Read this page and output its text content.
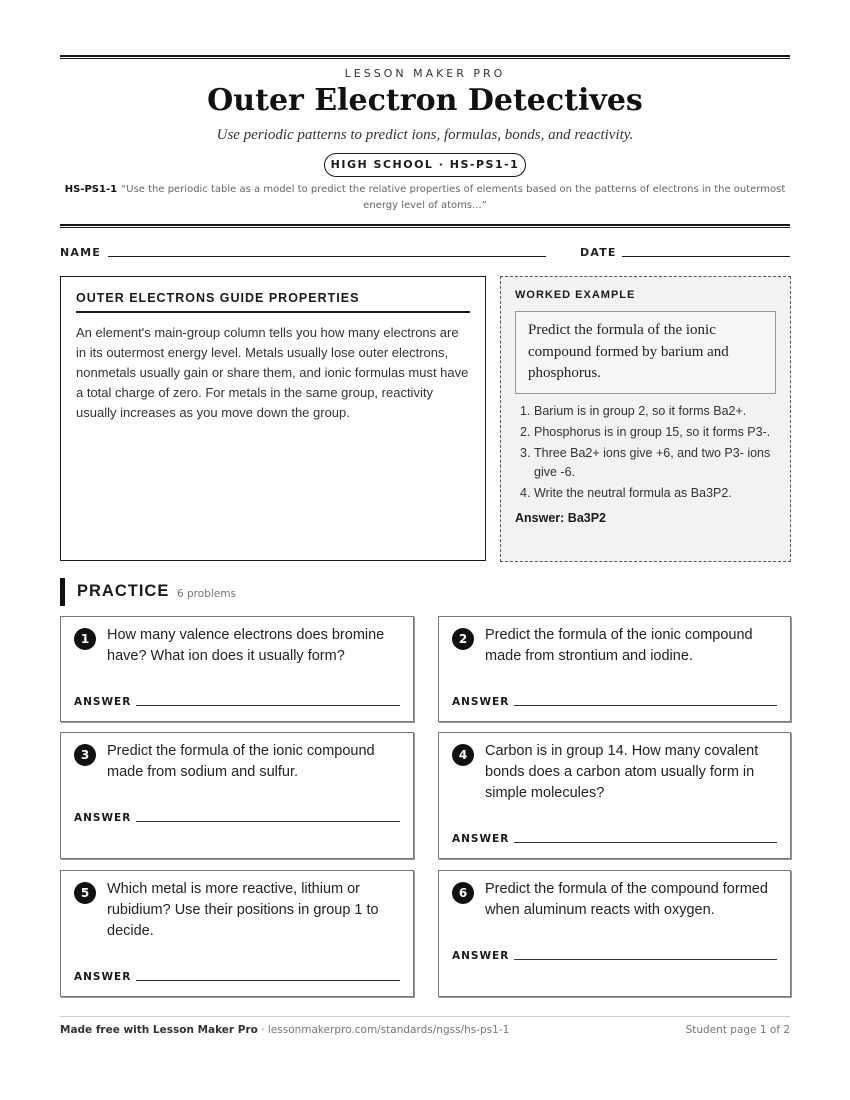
LESSON MAKER PRO
Outer Electron Detectives
Use periodic patterns to predict ions, formulas, bonds, and reactivity.
HIGH SCHOOL · HS-PS1-1
HS-PS1-1 “Use the periodic table as a model to predict the relative properties of elements based on the patterns of electrons in the outermost energy level of atoms...”
NAME	DATE
OUTER ELECTRONS GUIDE PROPERTIES

An element's main-group column tells you how many electrons are in its outermost energy level. Metals usually lose outer electrons, nonmetals usually gain or share them, and ionic formulas must have a total charge of zero. For metals in the same group, reactivity usually increases as you move down the group.

WORKED EXAMPLE
Predict the formula of the ionic compound formed by barium and phosphorus.
1. Barium is in group 2, so it forms Ba2+.
2. Phosphorus is in group 15, so it forms P3-.
3. Three Ba2+ ions give +6, and two P3- ions give -6.
4. Write the neutral formula as Ba3P2.
Answer: Ba3P2
PRACTICE 6 problems
1	How many valence electrons does bromine have? What ion does it usually form?
ANSWER
2	Predict the formula of the ionic compound made from strontium and iodine.
ANSWER
3	Predict the formula of the ionic compound made from sodium and sulfur.
ANSWER
4	Carbon is in group 14. How many covalent bonds does a carbon atom usually form in simple molecules?
ANSWER
5	Which metal is more reactive, lithium or rubidium? Use their positions in group 1 to decide.
ANSWER
6	Predict the formula of the compound formed when aluminum reacts with oxygen.
ANSWER
Made free with Lesson Maker Pro · lessonmakerpro.com/standards/ngss/hs-ps1-1	Student page 1 of 2
